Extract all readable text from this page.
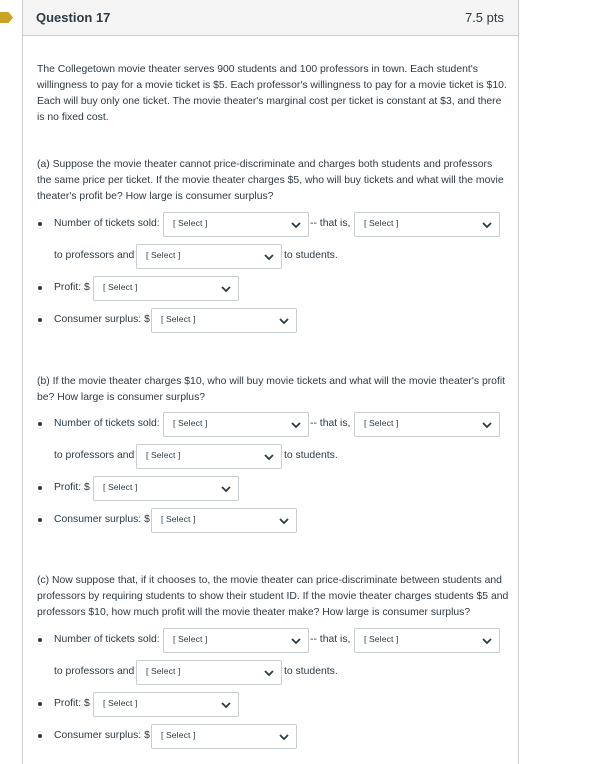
Question 17	7.5 pts

The Collegetown movie theater serves 900 students and 100 professors in town. Each student's willingness to pay for a movie ticket is $5. Each professor's willingness to pay for a movie ticket is $10. Each will buy only one ticket. The movie theater's marginal cost per ticket is constant at $3, and there is no fixed cost.

(a) Suppose the movie theater cannot price-discriminate and charges both students and professors the same price per ticket. If the movie theater charges $5, who will buy tickets and what will the movie theater's profit be? How large is consumer surplus?

(b) If the movie theater charges $10, who will buy movie tickets and what will the movie theater's profit be? How large is consumer surplus?

(c) Now suppose that, if it chooses to, the movie theater can price-discriminate between students and professors by requiring students to show their student ID. If the movie theater charges students $5 and professors $10, how much profit will the movie theater make? How large is consumer surplus?

Number of tickets sold: [ Select ]	-- that is, [ Select ]
to professors and [ Select ]	to students.
Profit: $ [ Select ]
Consumer surplus: $ [ Select ]
Number of tickets sold: [ Select ]	-- that is, [ Select ]
to professors and [ Select ]	to students.
Profit: $ [ Select ]
Consumer surplus: $ [ Select ]
Number of tickets sold: [ Select ]	-- that is, [ Select ]
to professors and [ Select ]	to students.
Profit: $ [ Select ]
Consumer surplus: $ [ Select ]
